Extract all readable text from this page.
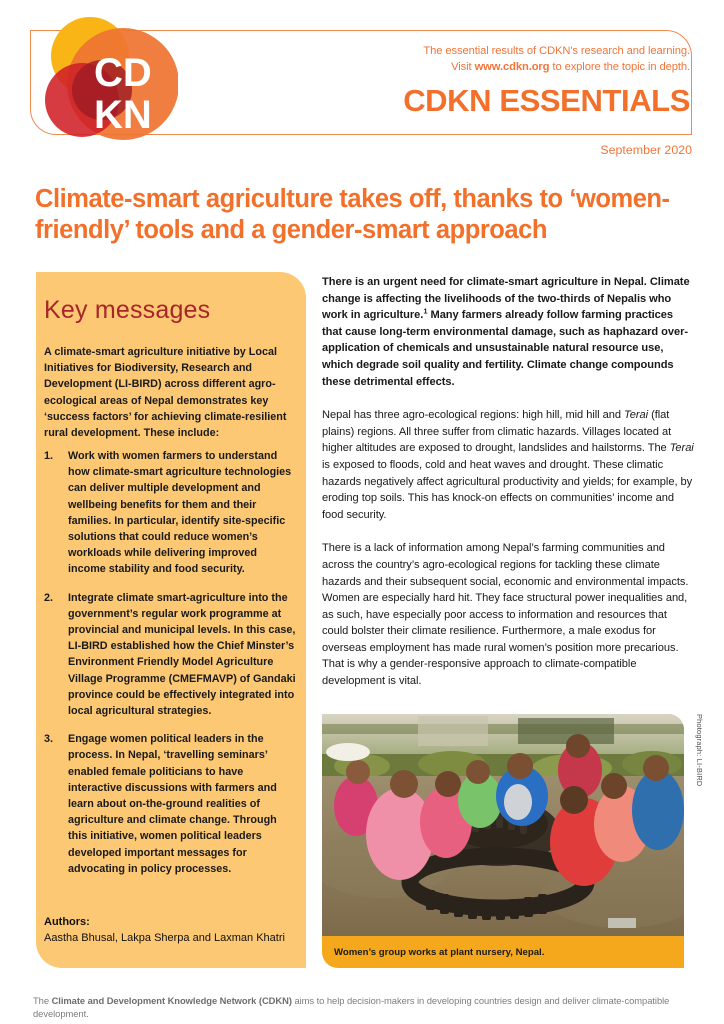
CD
KN
The essential results of CDKN's research and learning.
Visit www.cdkn.org to explore the topic in depth.
CDKN ESSENTIALS
September 2020
Climate-smart agriculture takes off, thanks to ‘women-friendly’ tools and a gender-smart approach
Key messages

A climate-smart agriculture initiative by Local Initiatives for Biodiversity, Research and Development (LI-BIRD) across different agro-ecological areas of Nepal demonstrates key ‘success factors’ for achieving climate-resilient rural development. These include:

1.	Work with women farmers to understand how climate-smart agriculture technologies can deliver multiple development and wellbeing benefits for them and their families. In particular, identify site-specific solutions that could reduce women’s workloads while delivering improved income stability and food security.
2.	Integrate climate smart-agriculture into the government’s regular work programme at provincial and municipal levels. In this case, LI-BIRD established how the Chief Minster’s Environment Friendly Model Agriculture Village Programme (CMEFMAVP) of Gandaki province could be effectively integrated into local agricultural strategies.
3.	Engage women political leaders in the process. In Nepal, ‘travelling seminars’ enabled female politicians to have interactive discussions with farmers and learn about on-the-ground realities of agriculture and climate change. Through this initiative, women political leaders developed important messages for advocating in policy processes.
Authors:
Aastha Bhusal, Lakpa Sherpa and Laxman Khatri

There is an urgent need for climate-smart agriculture in Nepal. Climate change is affecting the livelihoods of the two-thirds of Nepalis who work in agriculture.$^1$ Many farmers already follow farming practices that cause long-term environmental damage, such as haphazard over-application of chemicals and unsustainable natural resource use, which degrade soil quality and fertility. Climate change compounds these detrimental effects.

Nepal has three agro-ecological regions: high hill, mid hill and Terai (flat plains) regions. All three suffer from climatic hazards. Villages located at higher altitudes are exposed to drought, landslides and hailstorms. The Terai is exposed to floods, cold and heat waves and drought. These climatic hazards negatively affect agricultural productivity and yields; for example, by eroding top soils. This has knock-on effects on communities’ income and food security.

There is a lack of information among Nepal’s farming communities and across the country’s agro-ecological regions for tackling these climate hazards and their subsequent social, economic and environmental impacts. Women are especially hard hit. They face structural power inequalities and, as such, have especially poor access to information and resources that could bolster their climate resilience. Furthermore, a male exodus for overseas employment has made rural women’s position more precarious. That is why a gender-responsive approach to climate-compatible development is vital.

Women’s group works at plant nursery, Nepal.
Photograph: LI-BIRD
The Climate and Development Knowledge Network (CDKN) aims to help decision-makers in developing countries design and deliver climate-compatible development.
